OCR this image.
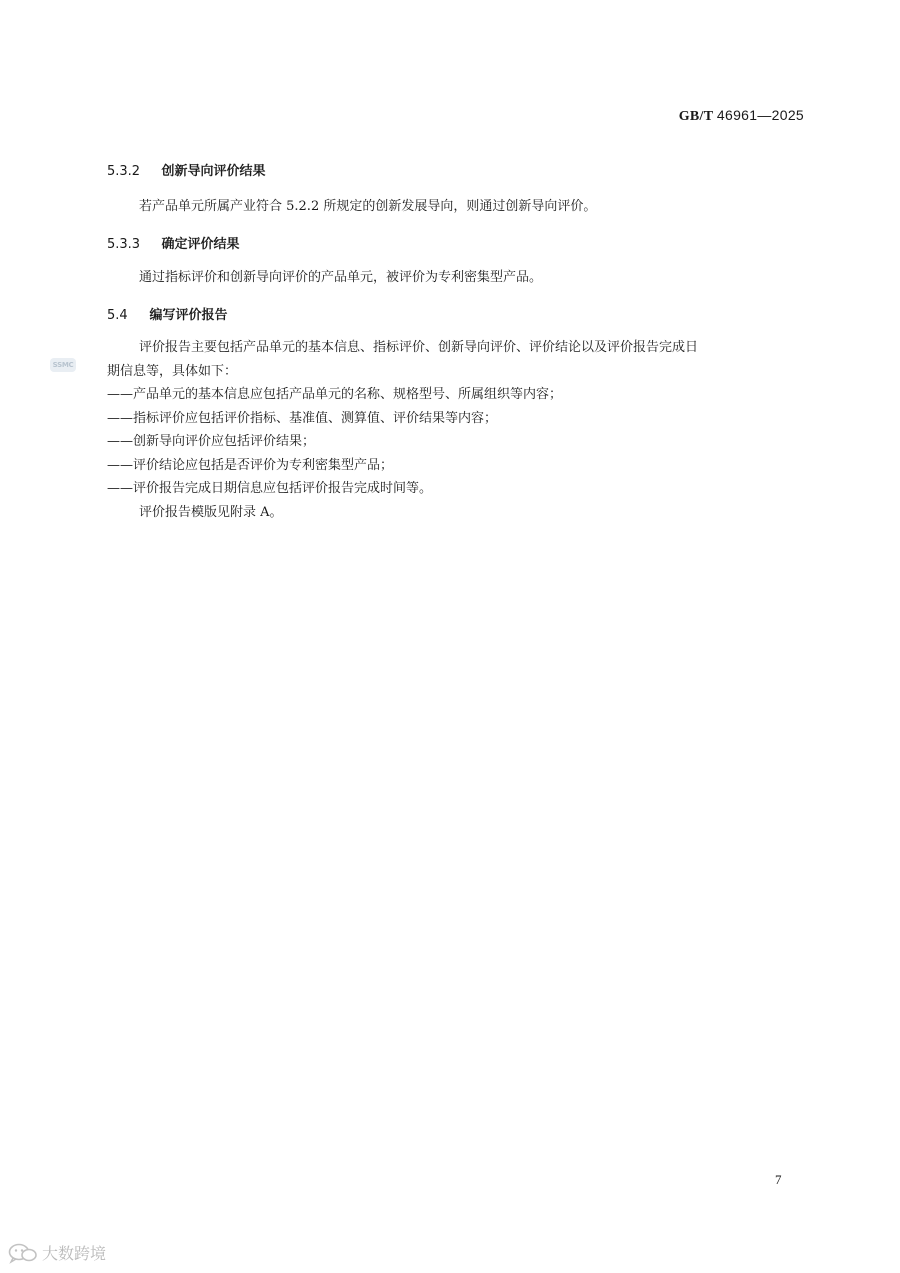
GB/T 46961—2025
5.3.2 创新导向评价结果
若产品单元所属产业符合 5.2.2 所规定的创新发展导向，则通过创新导向评价。
5.3.3 确定评价结果
通过指标评价和创新导向评价的产品单元，被评价为专利密集型产品。
5.4 编写评价报告
评价报告主要包括产品单元的基本信息、指标评价、创新导向评价、评价结论以及评价报告完成日
期信息等，具体如下：
——产品单元的基本信息应包括产品单元的名称、规格型号、所属组织等内容；
——指标评价应包括评价指标、基准值、测算值、评价结果等内容；
——创新导向评价应包括评价结果；
——评价结论应包括是否评价为专利密集型产品；
——评价报告完成日期信息应包括评价报告完成时间等。
评价报告模版见附录 A。
7
SSMC
大数跨境
